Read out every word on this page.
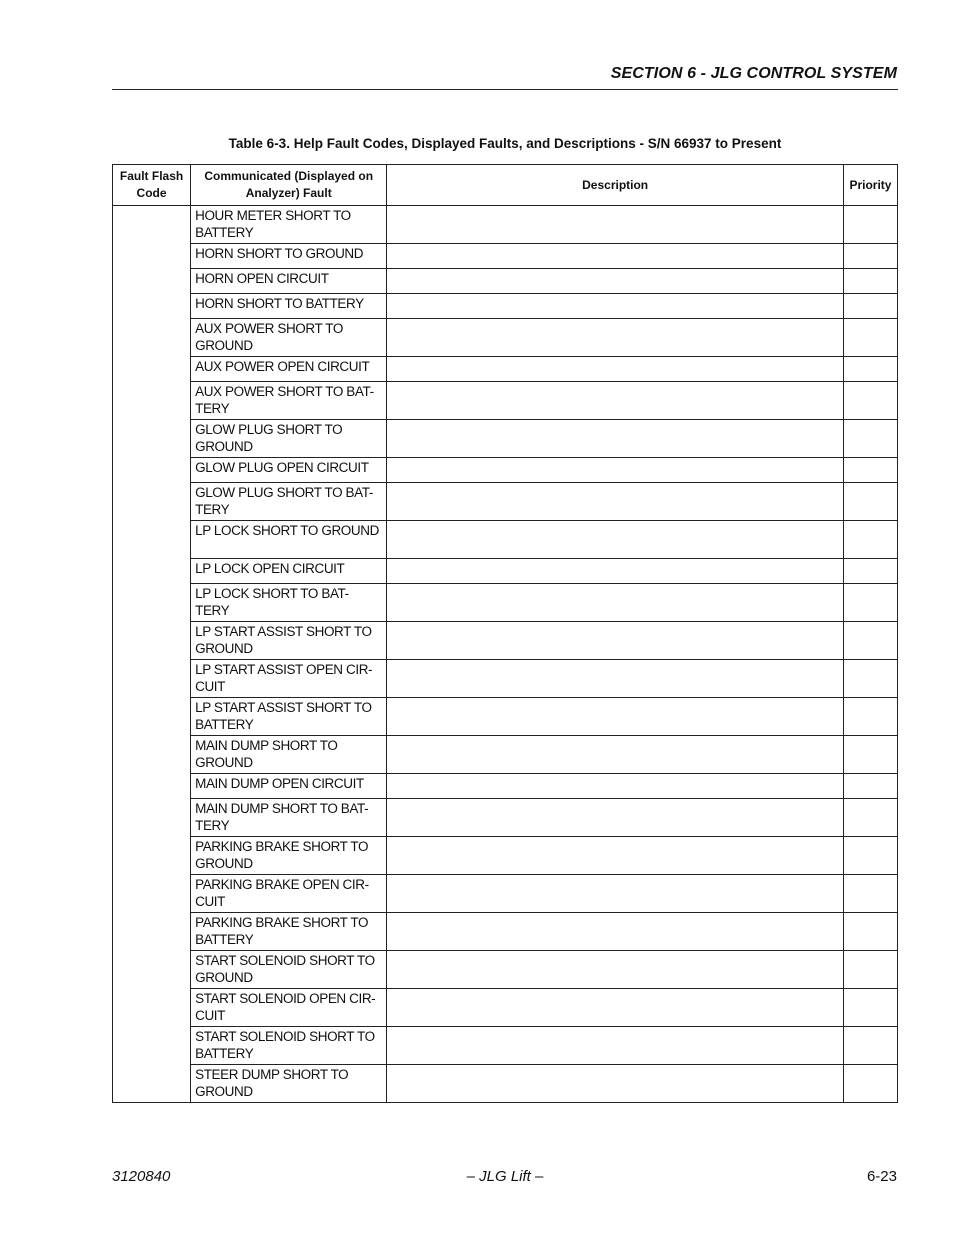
SECTION 6 - JLG CONTROL SYSTEM
Table 6-3. Help Fault Codes, Displayed Faults, and Descriptions - S/N 66937 to Present
Fault Flash Code	Communicated (Displayed on Analyzer) Fault	Description	Priority
	HOUR METER SHORT TO BATTERY		
	HORN SHORT TO GROUND		
	HORN OPEN CIRCUIT		
	HORN SHORT TO BATTERY		
	AUX POWER SHORT TO GROUND		
	AUX POWER OPEN CIRCUIT		
	AUX POWER SHORT TO BAT-TERY		
	GLOW PLUG SHORT TO GROUND		
	GLOW PLUG OPEN CIRCUIT		
	GLOW PLUG SHORT TO BAT-TERY		
	LP LOCK SHORT TO GROUND		
	LP LOCK OPEN CIRCUIT		
	LP LOCK SHORT TO BAT-TERY		
	LP START ASSIST SHORT TO GROUND		
	LP START ASSIST OPEN CIR-CUIT		
	LP START ASSIST SHORT TO BATTERY		
	MAIN DUMP SHORT TO GROUND		
	MAIN DUMP OPEN CIRCUIT		
	MAIN DUMP SHORT TO BAT-TERY		
	PARKING BRAKE SHORT TO GROUND		
	PARKING BRAKE OPEN CIR-CUIT		
	PARKING BRAKE SHORT TO BATTERY		
	START SOLENOID SHORT TO GROUND		
	START SOLENOID OPEN CIR-CUIT		
	START SOLENOID SHORT TO BATTERY		
	STEER DUMP SHORT TO GROUND		
3120840	– JLG Lift –	6-23
